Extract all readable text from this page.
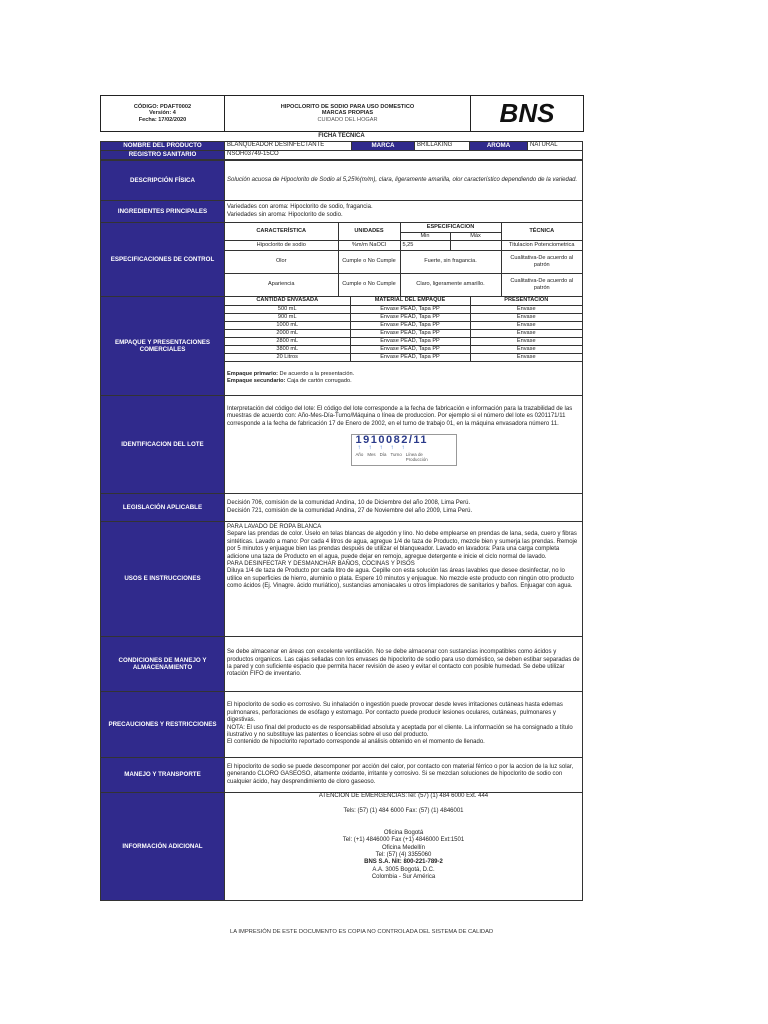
CÓDIGO: PDAFT0002
Versión: 4
Fecha: 17/02/2020

HIPOCLORITO DE SODIO PARA USO DOMESTICO
MARCAS PROPIAS
CUIDADO DEL HOGAR	BNS
FICHA TECNICA
NOMBRE DEL PRODUCTO	BLANQUEADOR DESINFECTANTE	MARCA	BRILLAKING	AROMA	NATURAL
REGISTRO SANITARIO	NSOH03749-15CO				
DESCRIPCIÓN FÍSICA	Solución acuosa de Hipoclorito de Sodio al 5,25%(m/m), clara, ligeramente amarilla, olor característico dependiendo de la variedad.
INGREDIENTES PRINCIPALES	
Variedades con aroma: Hipoclorito de sodio, fragancia.
Variedades sin aroma: Hipoclorito de sodio.

ESPECIFICACIONES DE CONTROL	
CARACTERÍSTICA	UNIDADES	ESPECIFICACION	TÉCNICA
Min	Máx
Hipoclorito de sodio	%m/m NaOCl	5,25		Titulacion Potenciometrica
Olor	Cumple o No Cumple	Fuerte, sin fragancia.	Cualitativa-De acuerdo al patrón
Apariencia	Cumple o No Cumple	Claro, ligeramente amarillo.	Cualitativa-De acuerdo al patrón

EMPAQUE Y PRESENTACIONES COMERCIALES	
CANTIDAD ENVASADA	MATERIAL DEL EMPAQUE	PRESENTACION
500 mL	Envase PEAD, Tapa PP	Envase
900 mL	Envase PEAD, Tapa PP	Envase
1000 mL	Envase PEAD, Tapa PP	Envase
2000 mL	Envase PEAD, Tapa PP	Envase
2800 mL	Envase PEAD, Tapa PP	Envase
3800 mL	Envase PEAD, Tapa PP	Envase
20 Litros	Envase PEAD, Tapa PP	Envase

Empaque primario: De acuerdo a la presentación.
Empaque secundario: Caja de cartón corrugado.

IDENTIFICACION DEL LOTE	
Interpretación del código del lote: El código del lote corresponde a la fecha de fabricación e información para la trazabilidad de las muestras de acuerdo con: Año-Mes-Día-Turno/Máquina o línea de produccion. Por ejemplo si el número del lote es 0201171/11 corresponde a la fecha de fabricación 17 de Enero de 2002, en el turno de trabajo 01, en la máquina envasadora número 11.
1910082/11
↑ ↑ ↑ ↑ ↑
Año Mes Día Turno Línea de Producción

LEGISLACIÓN APLICABLE	
Decisión 706, comisión de la comunidad Andina, 10 de Diciembre del año 2008, Lima Perú.
Decisión 721, comisión de la comunidad Andina, 27 de Noviembre del año 2009, Lima Perú.

USOS E INSTRUCCIONES	
PARA LAVADO DE ROPA BLANCA
Separe las prendas de color. Úselo en telas blancas de algodón y lino. No debe emplearse en prendas de lana, seda, cuero y fibras sintéticas. Lavado a mano: Por cada 4 litros de agua, agregue 1/4 de taza de Producto, mezcle bien y sumerja las prendas. Remoje por 5 minutos y enjuague bien las prendas después de utilizar el blanqueador. Lavado en lavadora: Para una carga completa adicione una taza de Producto en el agua, puede dejar en remojo, agregue detergente e inicie el ciclo normal de lavado.
PARA DESINFECTAR Y DESMANCHAR BAÑOS, COCINAS Y PISOS
Diluya 1/4 de taza de Producto por cada litro de agua. Cepille con esta solución las áreas lavables que desee desinfectar, no lo utilice en superficies de hierro, aluminio o plata. Espere 10 minutos y enjuague. No mezcle este producto con ningún otro producto como ácidos (Ej. Vinagre. ácido muriático), sustancias amoniacales u otros limpiadores de sanitarios y baños. Enjuagar con agua.

CONDICIONES DE MANEJO Y ALMACENAMIENTO	Se debe almacenar en áreas con excelente ventilación. No se debe almacenar con sustancias incompatibles como ácidos y productos organicos. Las cajas selladas con los envases de hipoclorito de sodio para uso doméstico, se deben estibar separadas de la pared y con suficiente espacio que permita hacer revisión de aseo y evitar el contacto con posible humedad. Se debe utilizar rotación FIFO de inventario.
PRECAUCIONES Y RESTRICCIONES	
El hipoclorito de sodio es corrosivo. Su inhalación o ingestión puede provocar desde leves irritaciones cutáneas hasta edemas pulmonares, perforaciones de esófago y estomago. Por contacto puede producir lesiones oculares, cutáneas, pulmonares y digestivas.
NOTA: El uso final del producto es de responsabilidad absoluta y aceptada por el cliente. La información se ha consignado a título ilustrativo y no substituye las patentes o licencias sobre el uso del producto.
El contenido de hipoclorito reportado corresponde al análisis obtenido en el momento de llenado.

MANEJO Y TRANSPORTE	El hipoclorito de sodio se puede descomponer por acción del calor, por contacto con material férrico o por la accion de la luz solar, generando CLORO GASEOSO, altamente oxidante, irritante y corrosivo. Si se mezclan soluciones de hipoclorito de sodio con cualquier ácido, hay desprendimiento de cloro gaseoso.
INFORMACIÓN ADICIONAL	
ATENCION DE EMERGENCIAS:Tel: (57) (1) 484 6000 Ext. 444
Tels: (57) (1) 484 6000 Fax: (57) (1) 4846001
Oficina Bogotá
Tel: (+1) 4846000 Fax (+1) 4846000 Ext:1501
Oficina Medellín
Tel: (57) (4) 3355060
BNS S.A. Nit: 800-221-789-2
A.A. 3005 Bogotá, D.C.
Colombia - Sur América
LA IMPRESIÓN DE ESTE DOCUMENTO ES COPIA NO CONTROLADA DEL SISTEMA DE CALIDAD
